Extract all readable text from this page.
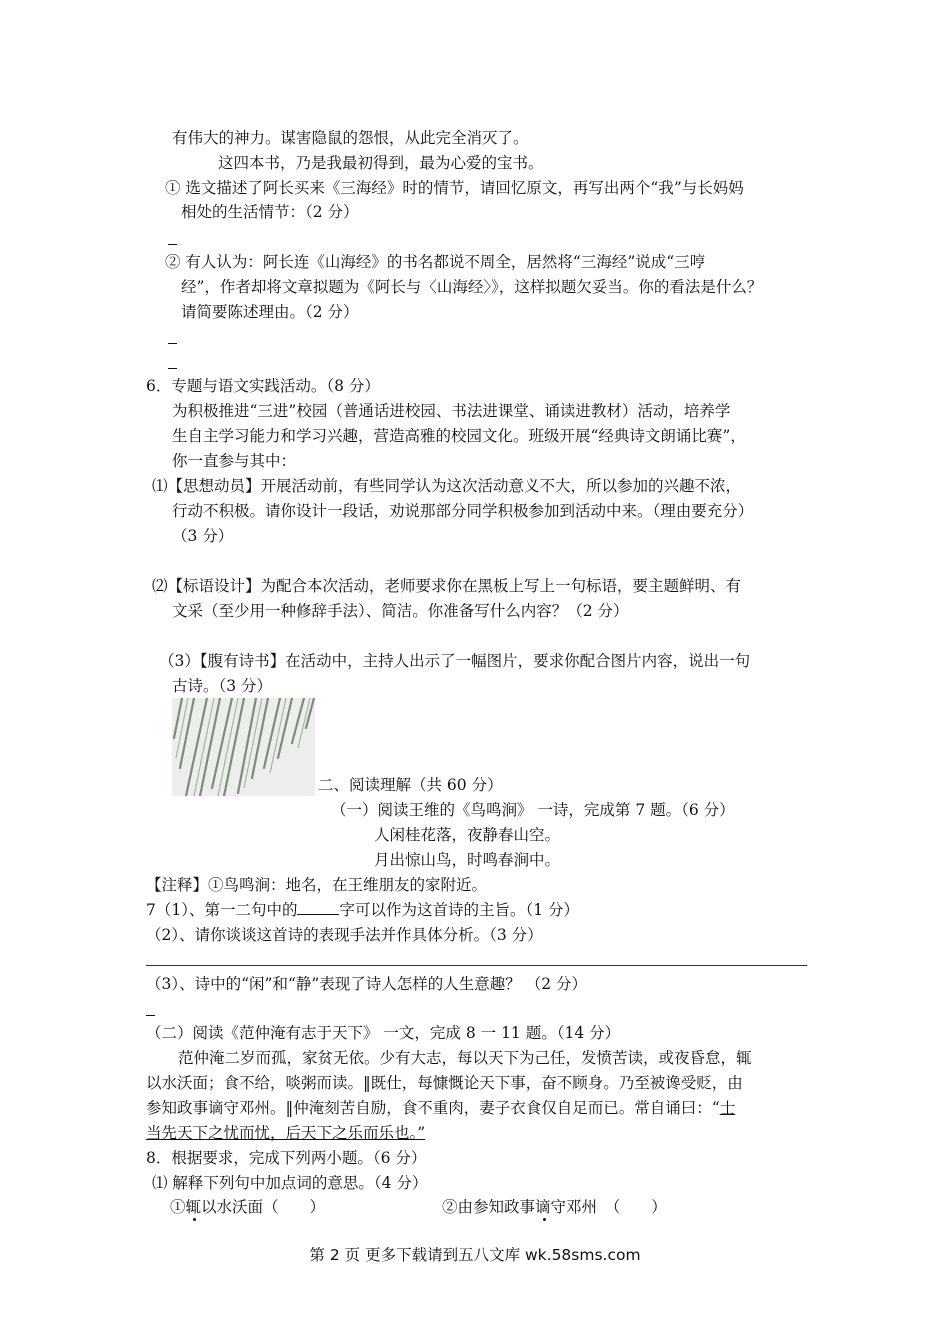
有伟大的神力。谋害隐鼠的怨恨，从此完全消灭了。
这四本书，乃是我最初得到，最为心爱的宝书。
① 选文描述了阿长买来《三海经》时的情节，请回忆原文，再写出两个“我”与长妈妈
相处的生活情节：（2 分）
② 有人认为：阿长连《山海经》的书名都说不周全，居然将“三海经”说成“三哼
经”，作者却将文章拟题为《阿长与〈山海经〉》，这样拟题欠妥当。你的看法是什么？
请简要陈述理由。（2 分）
6．专题与语文实践活动。（8 分）
为积极推进“三进”校园（普通话进校园、书法进课堂、诵读进教材）活动，培养学
生自主学习能力和学习兴趣，营造高雅的校园文化。班级开展“经典诗文朗诵比赛”，
你一直参与其中：
⑴【思想动员】开展活动前，有些同学认为这次活动意义不大，所以参加的兴趣不浓，
行动不积极。请你设计一段话，劝说那部分同学积极参加到活动中来。（理由要充分）
（3 分）
⑵【标语设计】为配合本次活动，老师要求你在黑板上写上一句标语，要主题鲜明、有
文采（至少用一种修辞手法）、简洁。你准备写什么内容？（2 分）
（3）【腹有诗书】在活动中，主持人出示了一幅图片，要求你配合图片内容，说出一句
古诗。（3 分）
二、阅读理解（共 60 分）
（一）阅读王维的《鸟鸣涧》 一诗，完成第 7 题。（6 分）
人闲桂花落，夜静春山空。
月出惊山鸟，时鸣春涧中。
【注释】①鸟鸣涧：地名，在王维朋友的家附近。
7（1）、第一二句中的	字可以作为这首诗的主旨。（1 分）
（2）、请你谈谈这首诗的表现手法并作具体分析。（3 分）
（3）、诗中的“闲”和“静”表现了诗人怎样的人生意趣？ （2 分）
（二）阅读《范仲淹有志于天下》 一文，完成 8 一 11 题。（14 分）
范仲淹二岁而孤，家贫无依。少有大志，每以天下为己任，发愤苦读，或夜昏怠，辄
以水沃面；食不给，啖粥而读。‖既仕，每慷慨论天下事，奋不顾身。乃至被谗受贬，由
参知政事谪守邓州。‖仲淹刻苦自励，食不重肉，妻子衣食仅自足而已。常自诵曰：“士
当先天下之忧而忧，后天下之乐而乐也。”
8．根据要求，完成下列两小题。（6 分）
⑴ 解释下列句中加点词的意思。（4 分）
①辄以水沃面（　　）	②由参知政事谪守邓州　（　　）
第 2 页 更多下载请到五八文库 wk.58sms.com
